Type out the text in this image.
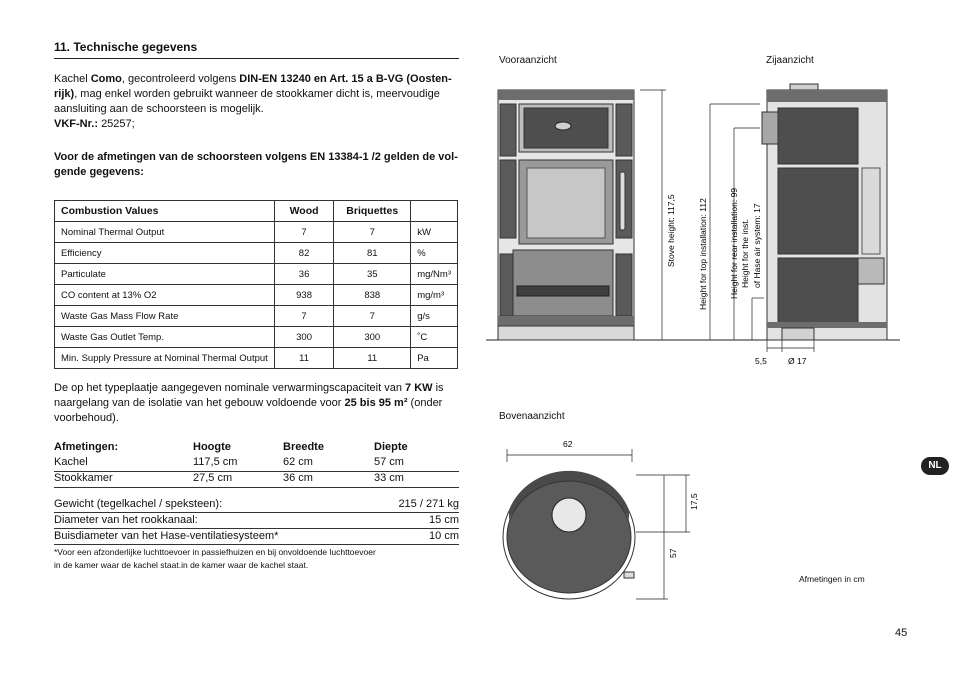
11. Technische gegevens
Kachel Como, gecontroleerd volgens DIN-EN 13240 en Art. 15 a B-VG (Oosten-
rijk), mag enkel worden gebruikt wanneer de stookkamer dicht is, meervoudige
aansluiting aan de schoorsteen is mogelijk.
VKF-Nr.: 25257;
Voor de afmetingen van de schoorsteen volgens EN 13384-1 /2 gelden de vol-
gende gegevens:
Combustion Values	Wood	Briquettes	
Nominal Thermal Output	7	7	kW
Efficiency	82	81	%
Particulate	36	35	mg/Nm³
CO content at 13% O2	938	838	mg/m³
Waste Gas Mass Flow Rate	7	7	g/s
Waste Gas Outlet Temp.	300	300	˚C
Min. Supply Pressure at Nominal Thermal Output	11	11	Pa
De op het typeplaatje aangegeven nominale verwarmingscapaciteit van 7 KW is
naargelang van de isolatie van het gebouw voldoende voor 25 bis 95 m² (onder
voorbehoud).
Afmetingen:	Hoogte	Breedte	Diepte
Kachel	117,5 cm	62 cm	57 cm
Stookkamer	27,5 cm	36 cm	33 cm
Gewicht (tegelkachel / speksteen):	215 / 271 kg
Diameter van het rookkanaal:	15 cm
Buisdiameter van het Hase-ventilatiesysteem*	10 cm
*Voor een afzonderlijke luchttoevoer in passiefhuizen en bij onvoldoende luchttoevoer
in de kamer waar de kachel staat.in de kamer waar de kachel staat.
Vooraanzicht	Zijaanzicht
Bovenaanzicht
Afmetingen in cm
Stove height: 117,5	Height for top installation: 112 Height for rear installation: 99 Height for the inst. of Hase air system: 17
5,5 Ø 17
62
17,5
57
NL
45
